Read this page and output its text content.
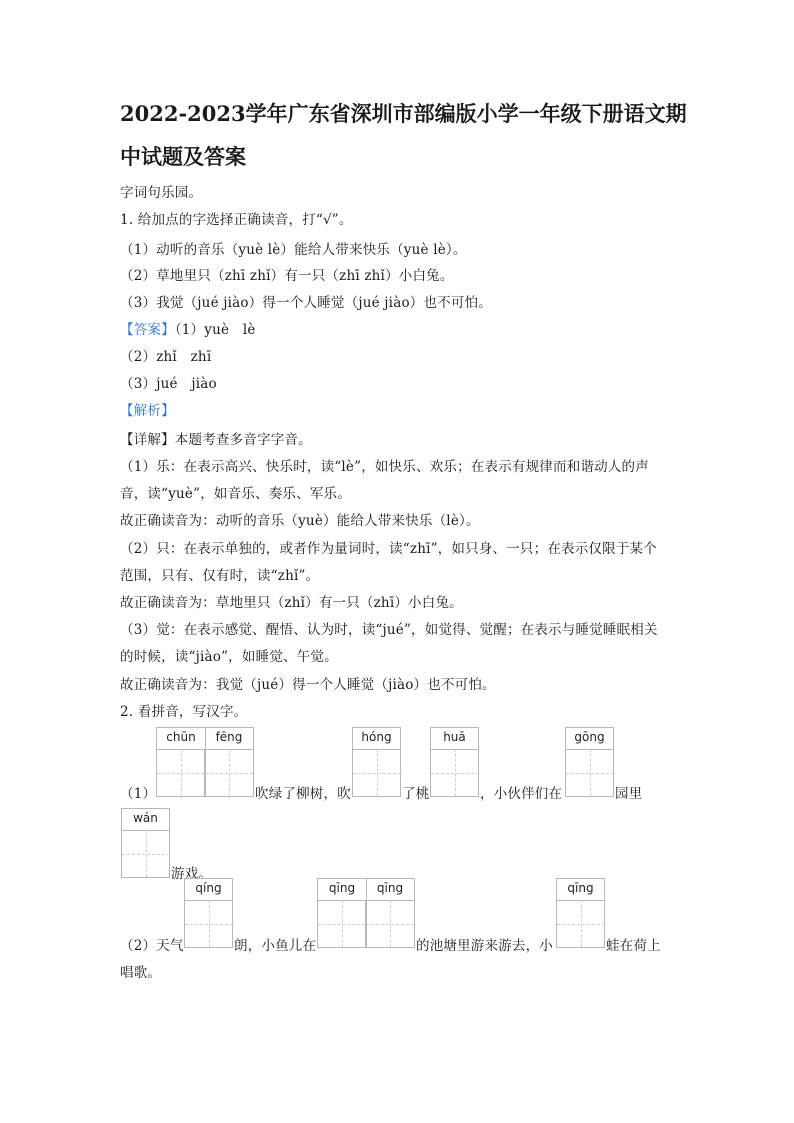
2022-2023学年广东省深圳市部编版小学一年级下册语文期
中试题及答案
字词句乐园。
1. 给加点的字选择正确读音，打“√”。
（1）动听的音乐（yuè lè）能给人带来快乐（yuè lè）。
（2）草地里只（zhī zhǐ）有一只（zhī zhǐ）小白兔。
（3）我觉（jué jiào）得一个人睡觉（jué jiào）也不可怕。
【答案】（1）yuè　lè
（2）zhǐ　zhī
（3）jué　jiào
【解析】
【详解】本题考查多音字字音。
（1）乐：在表示高兴、快乐时，读“lè”，如快乐、欢乐；在表示有规律而和谐动人的声
音，读“yuè”，如音乐、奏乐、军乐。
故正确读音为：动听的音乐（yuè）能给人带来快乐（lè）。
（2）只：在表示单独的，或者作为量词时，读“zhī”，如只身、一只；在表示仅限于某个
范围，只有、仅有时，读“zhǐ”。
故正确读音为：草地里只（zhǐ）有一只（zhī）小白兔。
（3）觉：在表示感觉、醒悟、认为时，读“jué”，如觉得、觉醒；在表示与睡觉睡眠相关
的时候，读“jiào”，如睡觉、午觉。
故正确读音为：我觉（jué）得一个人睡觉（jiào）也不可怕。
2. 看拼音，写汉字。
chūn	fēng	hóng	huā	gōng
（1）	吹绿了柳树，吹	了桃	，小伙伴们在	园里
wán
游戏。
qíng	qīng	qīng	qīng
（2）天气	朗，小鱼儿在	的池塘里游来游去，小	蛙在荷上
唱歌。
